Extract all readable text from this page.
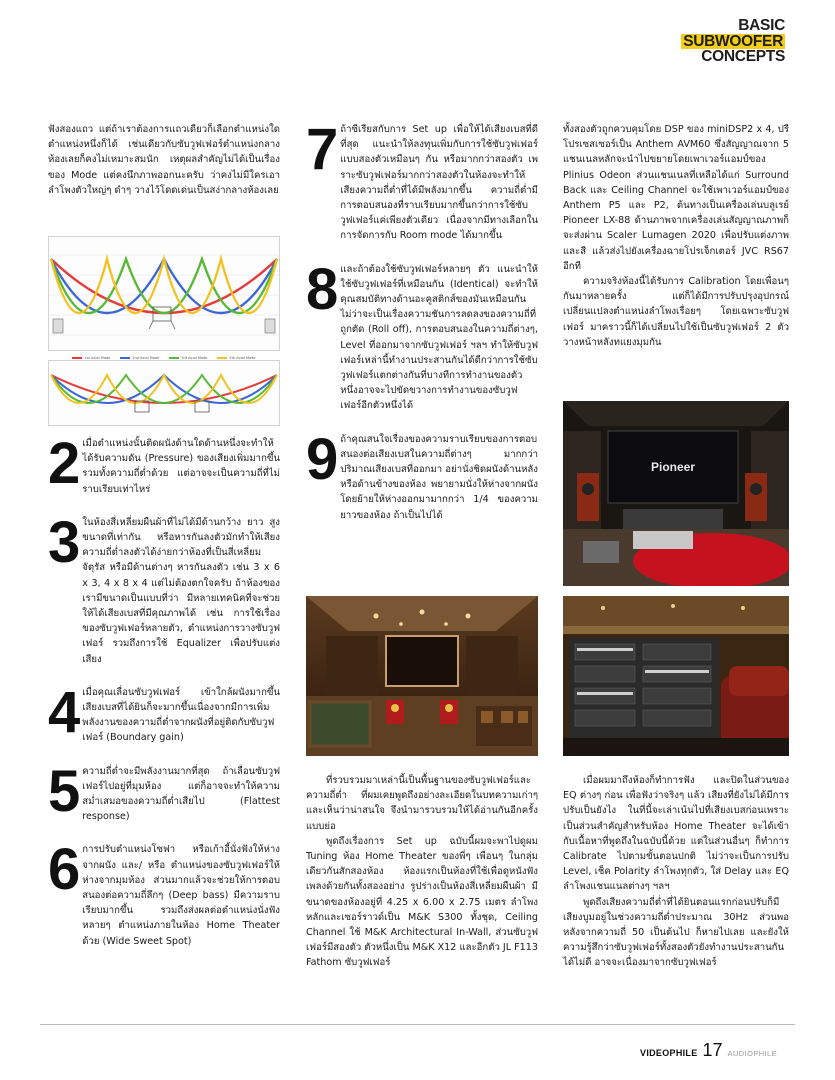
BASIC
SUBWOOFER
CONCEPTS

ฟังสองแถว แต่ถ้าเราต้องการแถวเดียวก็เลือกตำแหน่งใดตำแหน่งหนึ่งก็ได้ เช่นเดียวกับซับวูฟเฟอร์ตำแหน่งกลางห้องเลยก็คงไม่เหมาะสมนัก เหตุผลสำคัญไม่ได้เป็นเรื่องของ Mode แต่คงนึกภาพออกนะครับ ว่าคงไม่มีใครเอาลำโพงตัวใหญ่ๆ ดำๆ วางไว้โดดเด่นเป็นสง่ากลางห้องเลย

1st Axial Mode	2nd Axial Mode	3rd Axial Mode	4th Axial Mode
2 เมื่อตำแหน่งนั้นติดผนังด้านใดด้านหนึ่งจะทำให้ได้รับความดัน (Pressure) ของเสียงเพิ่มมากขึ้น รวมทั้งความถี่ต่ำด้วย แต่อาจจะเป็นความถี่ที่ไม่ราบเรียบเท่าไหร่

3 ในห้องสี่เหลี่ยมผืนผ้าที่ไม่ได้มีด้านกว้าง ยาว สูง ขนาดที่เท่ากัน หรือหารกันลงตัวมักทำให้เสียงความถี่ต่ำลงตัวได้ง่ายกว่าห้องที่เป็นสี่เหลี่ยมจัตุรัส หรือมีด้านต่างๆ หารกันลงตัว เช่น 3 x 6 x 3, 4 x 8 x 4 แต่ไม่ต้องตกใจครับ ถ้าห้องของเรามีขนาดเป็นแบบที่ว่า มีหลายเทคนิคที่จะช่วยให้ได้เสียงเบสที่มีคุณภาพได้ เช่น การใช้เรื่องของซับวูฟเฟอร์หลายตัว, ตำแหน่งการวางซับวูฟเฟอร์ รวมถึงการใช้ Equalizer เพื่อปรับแต่งเสียง

4 เมื่อคุณเลื่อนซับวูฟเฟอร์ เข้าใกล้ผนังมากขึ้น เสียงเบสที่ได้ยินก็จะมากขึ้นเนื่องจากมีการเพิ่มพลังงานของความถี่ต่ำจากผนังที่อยู่ติดกับซับวูฟเฟอร์ (Boundary gain)

5 ความถี่ต่ำจะมีพลังงานมากที่สุด ถ้าเลื่อนซับวูฟเฟอร์ไปอยู่ที่มุมห้อง แต่ก็อาจจะทำให้ความสม่ำเสมอของความถี่ต่ำเสียไป (Flattest response)

6 การปรับตำแหน่งโซฟา หรือเก้าอี้นั่งฟังให้ห่างจากผนัง และ/ หรือ ตำแหน่งของซับวูฟเฟอร์ให้ห่างจากมุมห้อง ส่วนมากแล้วจะช่วยให้การตอบสนองต่อความถี่ลึกๆ (Deep bass) มีความราบเรียบมากขึ้น รวมถึงส่งผลต่อตำแหน่งนั่งฟังหลายๆ ตำแหน่งภายในห้อง Home Theater ด้วย (Wide Sweet Spot)

7 ถ้าซีเรียสกับการ Set up เพื่อให้ได้เสียงเบสที่ดีที่สุด แนะนำให้ลงทุนเพิ่มกับการใช้ซับวูฟเฟอร์แบบสองตัวเหมือนๆ กัน หรือมากกว่าสองตัว เพราะซับวูฟเฟอร์มากกว่าสองตัวในห้องจะทำให้เสียงความถี่ต่ำที่ได้มีพลังมากขึ้น ความถี่ต่ำมีการตอบสนองที่ราบเรียบมากขึ้นกว่าการใช้ซับวูฟเฟอร์แค่เพียงตัวเดียว เนื่องจากมีทางเลือกในการจัดการกับ Room mode ได้มากขึ้น

8 และถ้าต้องใช้ซับวูฟเฟอร์หลายๆ ตัว แนะนำให้ใช้ซับวูฟเฟอร์ที่เหมือนกัน (Identical) จะทำให้คุณสมบัติทางด้านอะคูสติกส์ของมันเหมือนกัน ไม่ว่าจะเป็นเรื่องความชันการลดลงของความถี่ที่ถูกตัด (Roll off), การตอบสนองในความถี่ต่างๆ, Level ที่ออกมาจากซับวูฟเฟอร์ ฯลฯ ทำให้ซับวูฟเฟอร์เหล่านี้ทำงานประสานกันได้ดีกว่าการใช้ซับวูฟเฟอร์แตกต่างกันที่บางทีการทำงานของตัวหนึ่งอาจจะไปขัดขวางการทำงานของซับวูฟเฟอร์อีกตัวหนึ่งได้

9 ถ้าคุณสนใจเรื่องของความราบเรียบของการตอบสนองต่อเสียงเบสในความถี่ต่างๆ มากกว่าปริมาณเสียงเบสที่ออกมา อย่านั่งชิดผนังด้านหลังหรือด้านข้างของห้อง พยายามนั่งให้ห่างจากผนัง โดยย้ายให้ห่างออกมามากกว่า 1/4 ของความยาวของห้อง ถ้าเป็นไปได้

ที่รวบรวมมาเหล่านี้เป็นพื้นฐานของซับวูฟเฟอร์และความถี่ต่ำ ที่ผมเคยพูดถึงอย่างละเอียดในบทความเก่าๆ และเห็นว่าน่าสนใจ จึงนำมารวบรวมให้ได้อ่านกันอีกครั้งแบบย่อ

พูดถึงเรื่องการ Set up ฉบับนี้ผมจะพาไปดูผม Tuning ห้อง Home Theater ของพี่ๆ เพื่อนๆ ในกลุ่มเดียวกันสักสองห้อง ห้องแรกเป็นห้องที่ใช้เพื่อดูหนังฟังเพลงด้วยกันทั้งสองอย่าง รูปร่างเป็นห้องสี่เหลี่ยมผืนผ้า มีขนาดของห้องอยู่ที่ 4.25 x 6.00 x 2.75 เมตร ลำโพงหลักและเซอร์ราวด์เป็น M&K S300 ทั้งชุด, Ceiling Channel ใช้ M&K Architectural In-Wall, ส่วนซับวูฟเฟอร์มีสองตัว ตัวหนึ่งเป็น M&K X12 และอีกตัว JL F113 Fathom ซับวูฟเฟอร์

ทั้งสองตัวถูกควบคุมโดย DSP ของ miniDSP2 x 4, ปรีโปรเซสเซอร์เป็น Anthem AVM60 ซึ่งสัญญาณจาก 5 แชนเนลหลักจะนำไปขยายโดยเพาเวอร์แอมป์ของ Plinius Odeon ส่วนแชนเนลที่เหลือได้แก่ Surround Back และ Ceiling Channel จะใช้เพาเวอร์แอมป์ของ Anthem P5 และ P2, ต้นทางเป็นเครื่องเล่นบลูเรย์ Pioneer LX-88 ด้านภาพจากเครื่องเล่นสัญญาณภาพก็จะส่งผ่าน Scaler Lumagen 2020 เพื่อปรับแต่งภาพและสี แล้วส่งไปยังเครื่องฉายโปรเจ็กเตอร์ JVC RS67 อีกที

ความจริงห้องนี้ได้รับการ Calibration โดยเพื่อนๆ กันมาหลายครั้ง แต่ก็ได้มีการปรับปรุงอุปกรณ์เปลี่ยนแปลงตำแหน่งลำโพงเรื่อยๆ โดยเฉพาะซับวูฟเฟอร์ มาคราวนี้ก็ได้เปลี่ยนไปใช้เป็นซับวูฟเฟอร์ 2 ตัว วางหน้าหลังทแยงมุมกัน

Pioneer

เมื่อผมมาถึงห้องก็ทำการฟัง และปิดในส่วนของ EQ ต่างๆ ก่อน เพื่อฟังว่าจริงๆ แล้ว เสียงที่ยังไม่ได้มีการปรับเป็นยังไง ในที่นี้จะเล่าเน้นไปที่เสียงเบสก่อนเพราะเป็นส่วนสำคัญสำหรับห้อง Home Theater จะได้เข้ากับเนื้อหาที่พูดถึงในฉบับนี้ด้วย แต่ในส่วนอื่นๆ ก็ทำการ Calibrate ไปตามขั้นตอนปกติ ไม่ว่าจะเป็นการปรับ Level, เช็ค Polarity ลำโพงทุกตัว, ใส่ Delay และ EQ ลำโพงแชนแนลต่างๆ ฯลฯ

พูดถึงเสียงความถี่ต่ำที่ได้ยินตอนแรกก่อนปรับก็มีเสียงบูมอยู่ในช่วงความถี่ต่ำประมาณ 30Hz ส่วนพอหลังจากความถี่ 50 เป็นต้นไป ก็หายไปเลย และยังให้ความรู้สึกว่าซับวูฟเฟอร์ทั้งสองตัวยังทำงานประสานกันได้ไม่ดี อาจจะเนื่องมาจากซับวูฟเฟอร์

VIDEOPHILE 17 AUDIOPHILE
